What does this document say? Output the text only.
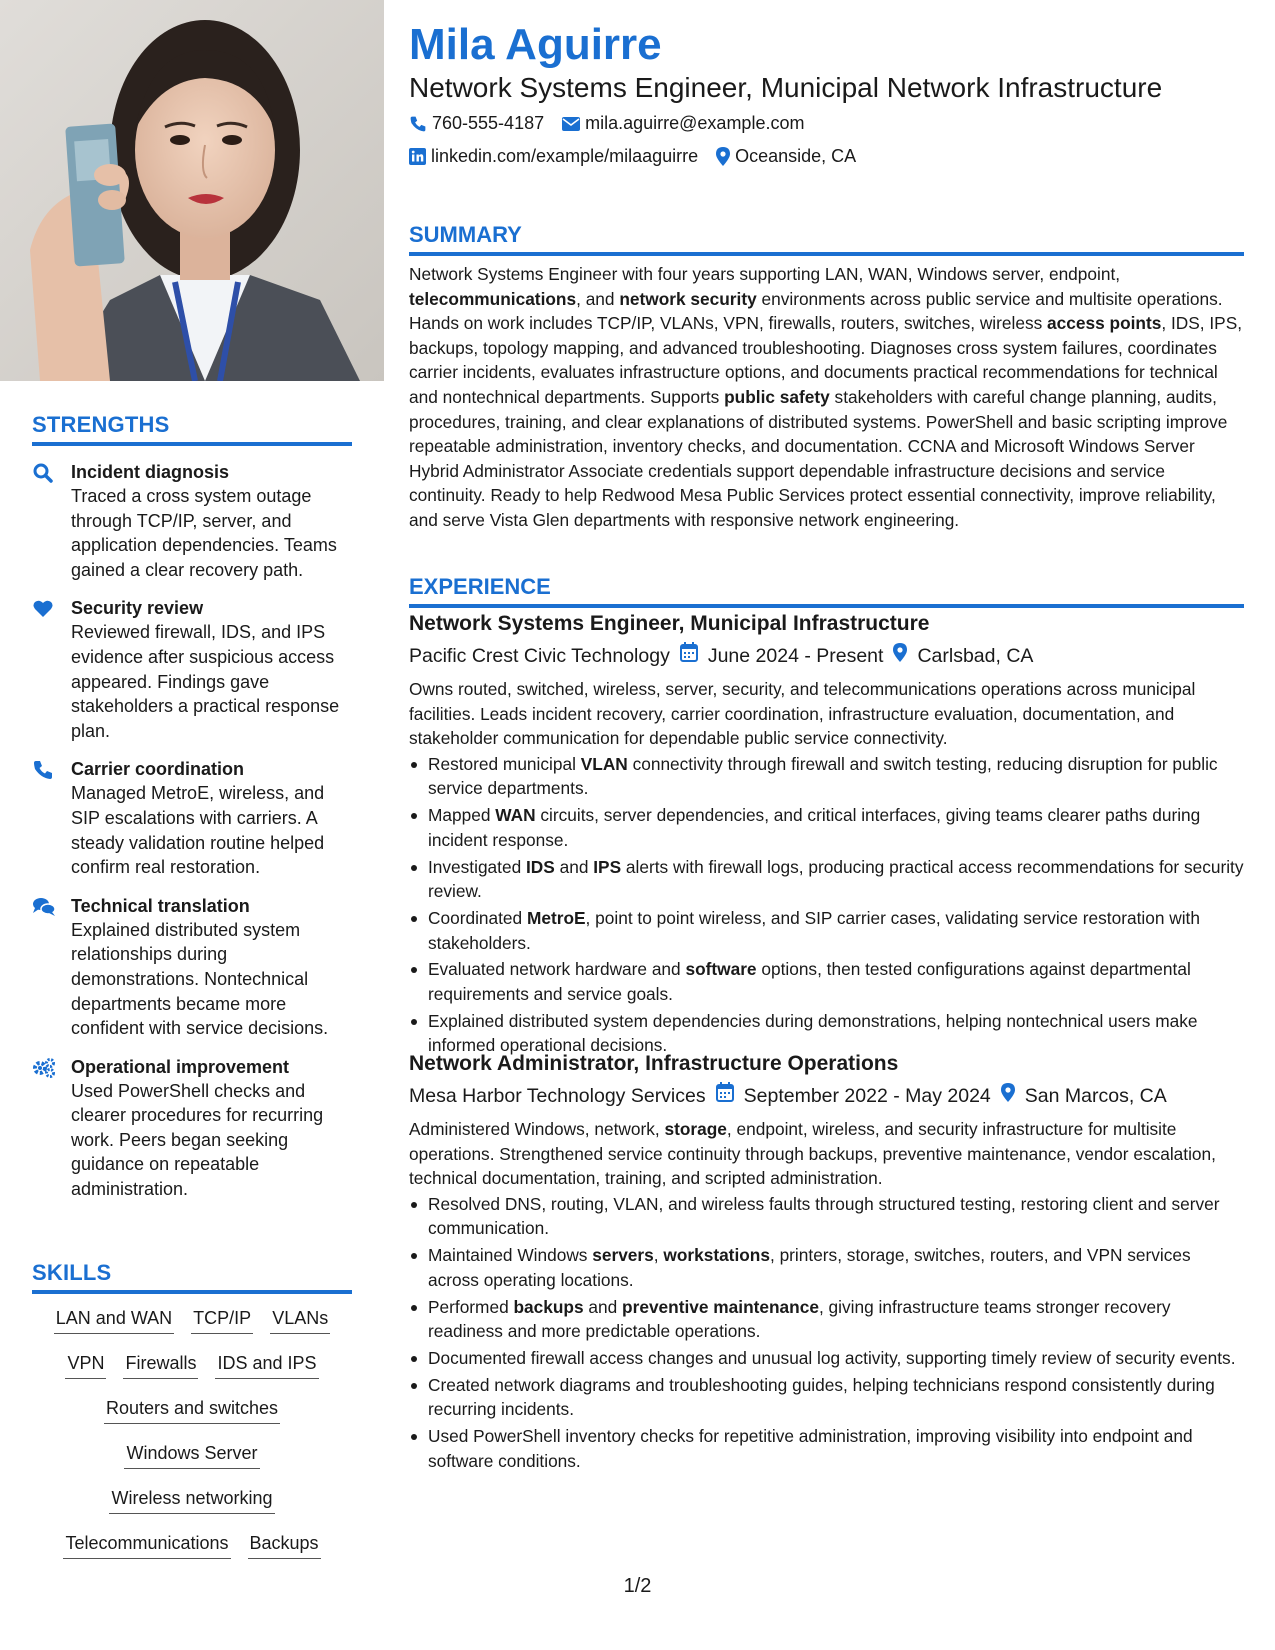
STRENGTHS
Incident diagnosis
Traced a cross system outage through TCP/IP, server, and application dependencies. Teams gained a clear recovery path.
Security review
Reviewed firewall, IDS, and IPS evidence after suspicious access appeared. Findings gave stakeholders a practical response plan.
Carrier coordination
Managed MetroE, wireless, and SIP escalations with carriers. A steady validation routine helped confirm real restoration.
Technical translation
Explained distributed system relationships during demonstrations. Nontechnical departments became more confident with service decisions.
Operational improvement
Used PowerShell checks and clearer procedures for recurring work. Peers began seeking guidance on repeatable administration.
SKILLS
LAN and WAN TCP/IP VLANs
VPN Firewalls IDS and IPS
Routers and switches
Windows Server
Wireless networking
Telecommunications Backups
Mila Aguirre
Network Systems Engineer, Municipal Network Infrastructure
760-555-4187 mila.aguirre@example.com
linkedin.com/example/milaaguirre Oceanside, CA
SUMMARY
Network Systems Engineer with four years supporting LAN, WAN, Windows server, endpoint, telecommunications, and network security environments across public service and multisite operations. Hands on work includes TCP/IP, VLANs, VPN, firewalls, routers, switches, wireless access points, IDS, IPS, backups, topology mapping, and advanced troubleshooting. Diagnoses cross system failures, coordinates carrier incidents, evaluates infrastructure options, and documents practical recommendations for technical and nontechnical departments. Supports public safety stakeholders with careful change planning, audits, procedures, training, and clear explanations of distributed systems. PowerShell and basic scripting improve repeatable administration, inventory checks, and documentation. CCNA and Microsoft Windows Server Hybrid Administrator Associate credentials support dependable infrastructure decisions and service continuity. Ready to help Redwood Mesa Public Services protect essential connectivity, improve reliability, and serve Vista Glen departments with responsive network engineering.
EXPERIENCE
Network Systems Engineer, Municipal Infrastructure
Pacific Crest Civic Technology June 2024 - Present Carlsbad, CA
Owns routed, switched, wireless, server, security, and telecommunications operations across municipal facilities. Leads incident recovery, carrier coordination, infrastructure evaluation, documentation, and stakeholder communication for dependable public service connectivity.
Restored municipal VLAN connectivity through firewall and switch testing, reducing disruption for public service departments.
Mapped WAN circuits, server dependencies, and critical interfaces, giving teams clearer paths during incident response.
Investigated IDS and IPS alerts with firewall logs, producing practical access recommendations for security review.
Coordinated MetroE, point to point wireless, and SIP carrier cases, validating service restoration with stakeholders.
Evaluated network hardware and software options, then tested configurations against departmental requirements and service goals.
Explained distributed system dependencies during demonstrations, helping nontechnical users make informed operational decisions.
Network Administrator, Infrastructure Operations
Mesa Harbor Technology Services September 2022 - May 2024 San Marcos, CA
Administered Windows, network, storage, endpoint, wireless, and security infrastructure for multisite operations. Strengthened service continuity through backups, preventive maintenance, vendor escalation, technical documentation, training, and scripted administration.
Resolved DNS, routing, VLAN, and wireless faults through structured testing, restoring client and server communication.
Maintained Windows servers, workstations, printers, storage, switches, routers, and VPN services across operating locations.
Performed backups and preventive maintenance, giving infrastructure teams stronger recovery readiness and more predictable operations.
Documented firewall access changes and unusual log activity, supporting timely review of security events.
Created network diagrams and troubleshooting guides, helping technicians respond consistently during recurring incidents.
Used PowerShell inventory checks for repetitive administration, improving visibility into endpoint and software conditions.
1/2
